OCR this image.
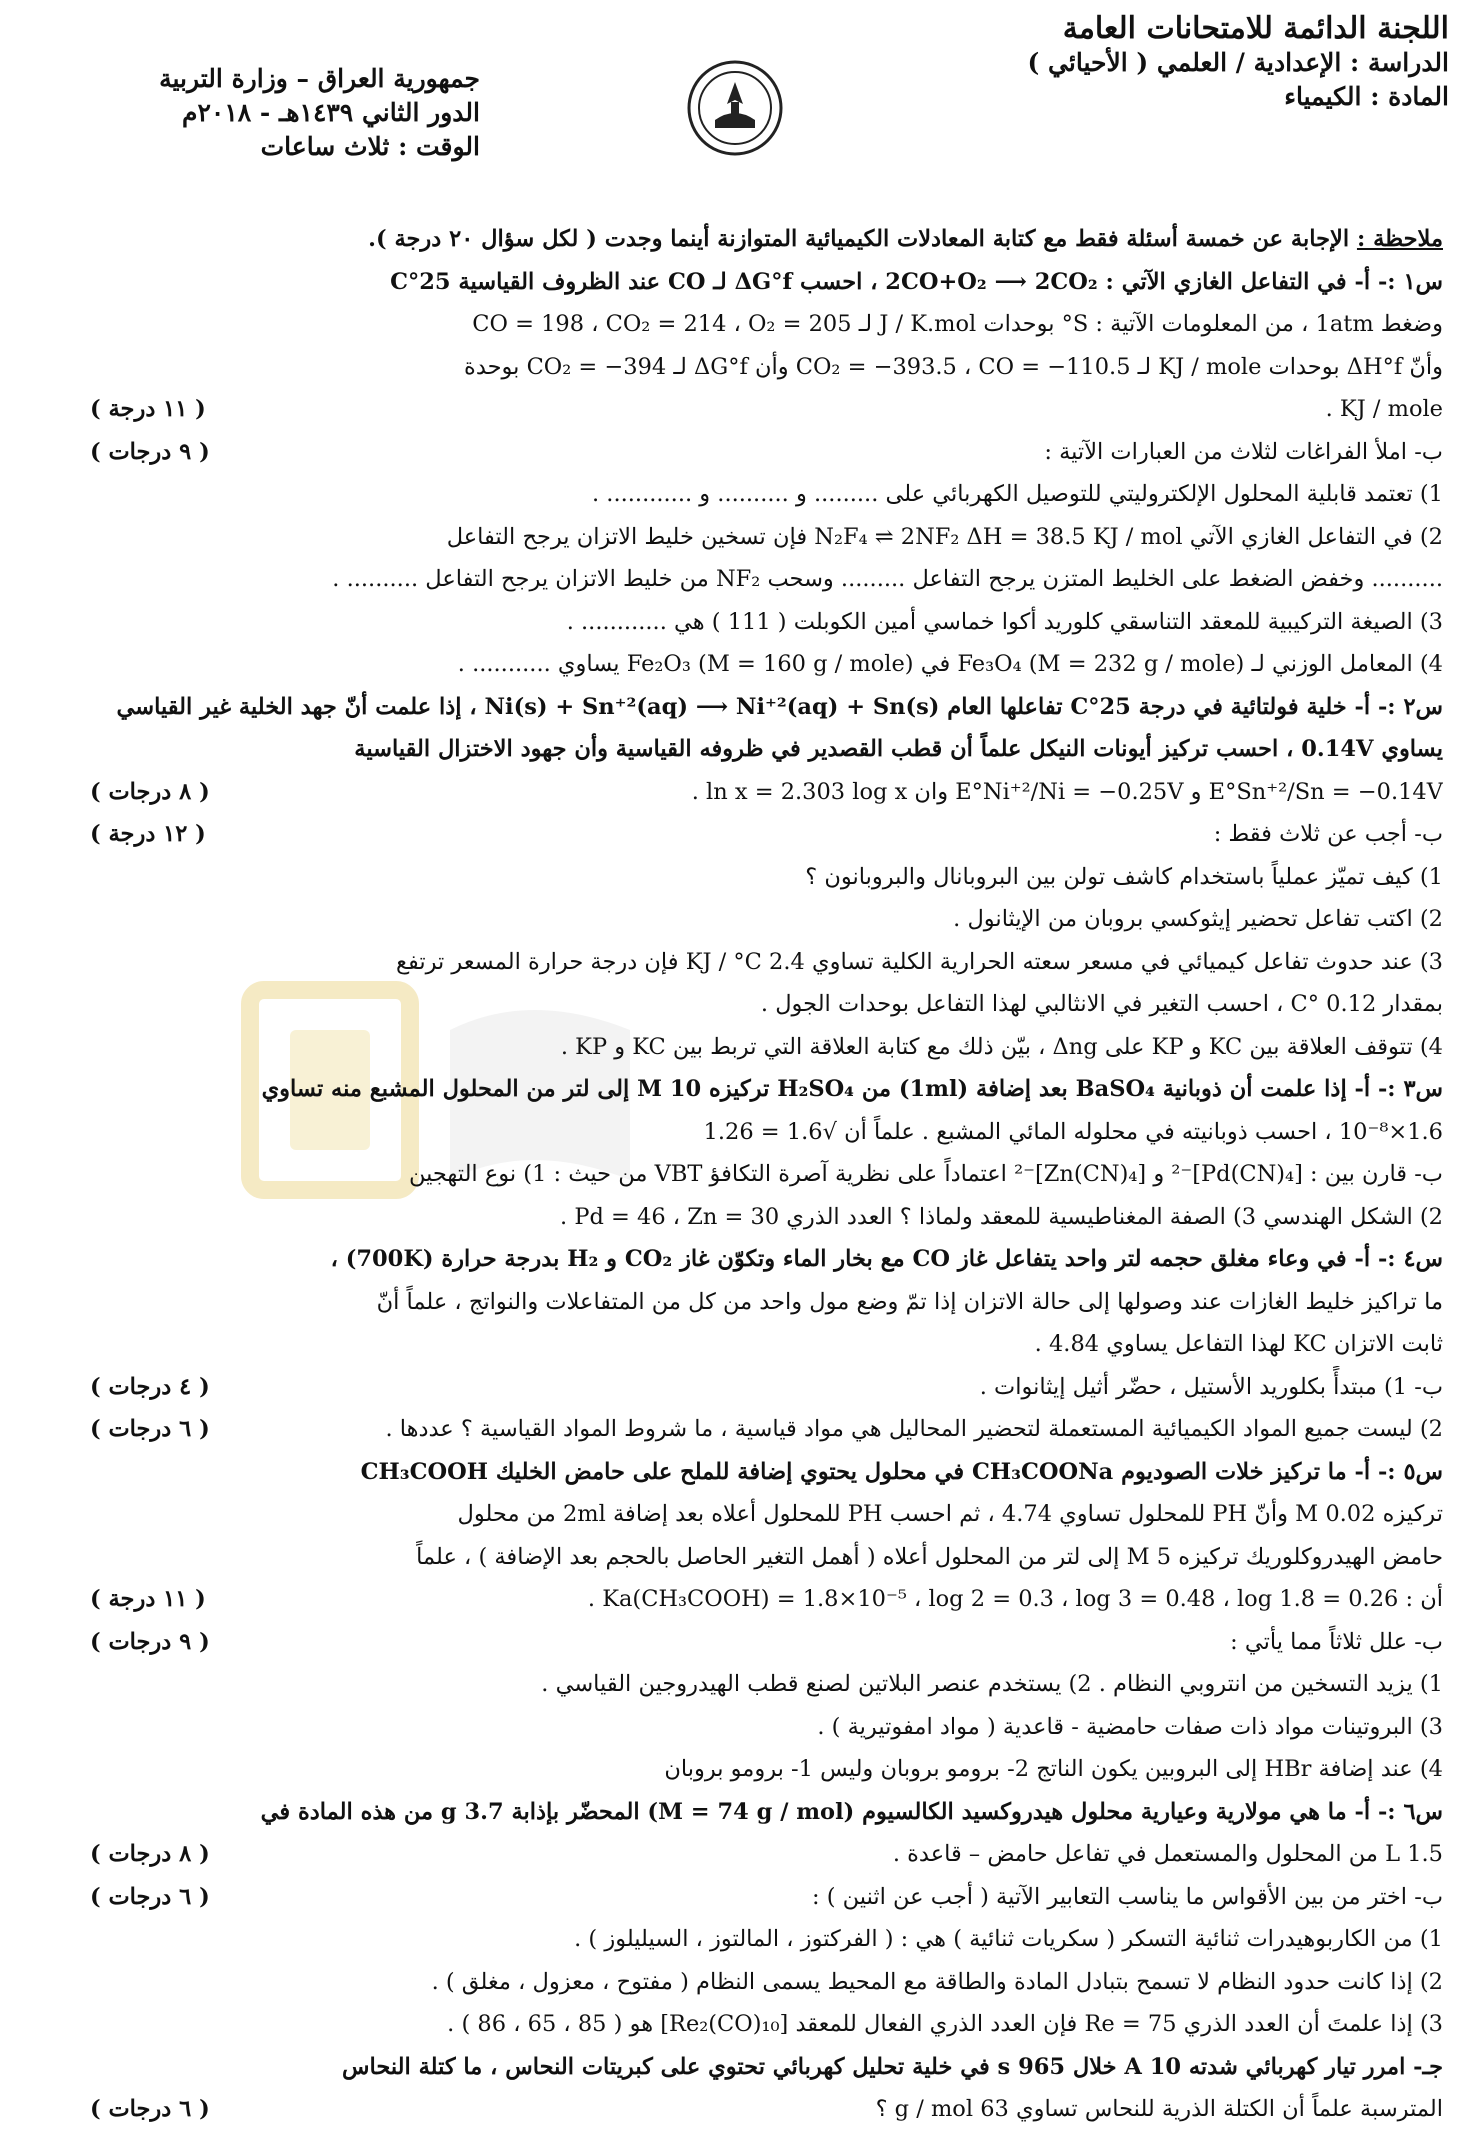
اللجنة الدائمة للامتحانات العامة
الدراسة : الإعدادية / العلمي ( الأحيائي )
المادة : الكيمياء
جمهورية العراق – وزارة التربية
الدور الثاني ١٤٣٩هـ - ٢٠١٨م
الوقت : ثلاث ساعات
ملاحظة : الإجابة عن خمسة أسئلة فقط مع كتابة المعادلات الكيميائية المتوازنة أينما وجدت ( لكل سؤال ٢٠ درجة ).
س١ :- أ- في التفاعل الغازي الآتي : 2CO+O₂ ⟶ 2CO₂ ، احسب ΔG°f لـ CO عند الظروف القياسية 25°C
وضغط 1atm ، من المعلومات الآتية : S° بوحدات J / K.mol لـ CO = 198 ، CO₂ = 214 ، O₂ = 205
وأنّ ΔH°f بوحدات KJ / mole لـ CO₂ = −393.5 ، CO = −110.5 وأن ΔG°f لـ CO₂ = −394 بوحدة
KJ / mole .
( ١١ درجة )
ب- املأ الفراغات لثلاث من العبارات الآتية :
( ٩ درجات )
1) تعتمد قابلية المحلول الإلكتروليتي للتوصيل الكهربائي على ......... و .......... و ............ .
2) في التفاعل الغازي الآتي N₂F₄ ⇌ 2NF₂ ΔH = 38.5 KJ / mol فإن تسخين خليط الاتزان يرجح التفاعل
.......... وخفض الضغط على الخليط المتزن يرجح التفاعل ......... وسحب NF₂ من خليط الاتزان يرجح التفاعل .......... .
3) الصيغة التركيبية للمعقد التناسقي كلوريد أكوا خماسي أمين الكوبلت ( 111 ) هي ............ .
4) المعامل الوزني لـ Fe₃O₄ (M = 232 g / mole) في Fe₂O₃ (M = 160 g / mole) يساوي ........... .
س٢ :- أ- خلية فولتائية في درجة 25°C تفاعلها العام Ni(s) + Sn⁺²(aq) ⟶ Ni⁺²(aq) + Sn(s) ، إذا علمت أنّ جهد الخلية غير القياسي
يساوي 0.14V ، احسب تركيز أيونات النيكل علماً أن قطب القصدير في ظروفه القياسية وأن جهود الاختزال القياسية
E°Sn⁺²/Sn = −0.14V و E°Ni⁺²/Ni = −0.25V وان ln x = 2.303 log x .
( ٨ درجات )
ب- أجب عن ثلاث فقط :
( ١٢ درجة )
1) كيف تميّز عملياً باستخدام كاشف تولن بين البروبانال والبروبانون ؟
2) اكتب تفاعل تحضير إيثوكسي بروبان من الإيثانول .
3) عند حدوث تفاعل كيميائي في مسعر سعته الحرارية الكلية تساوي 2.4 KJ / °C فإن درجة حرارة المسعر ترتفع
بمقدار 0.12 °C ، احسب التغير في الانثالبي لهذا التفاعل بوحدات الجول .
4) تتوقف العلاقة بين KC و KP على Δng ، بيّن ذلك مع كتابة العلاقة التي تربط بين KC و KP .
س٣ :- أ- إذا علمت أن ذوبانية BaSO₄ بعد إضافة (1ml) من H₂SO₄ تركيزه 10 M إلى لتر من المحلول المشبع منه تساوي
1.6×10⁻⁸ ، احسب ذوبانيته في محلوله المائي المشبع . علماً أن √1.6 = 1.26
ب- قارن بين : [Pd(CN)₄]⁻² و [Zn(CN)₄]⁻² اعتماداً على نظرية آصرة التكافؤ VBT من حيث : 1) نوع التهجين
2) الشكل الهندسي 3) الصفة المغناطيسية للمعقد ولماذا ؟ العدد الذري Pd = 46 ، Zn = 30 .
س٤ :- أ- في وعاء مغلق حجمه لتر واحد يتفاعل غاز CO مع بخار الماء وتكوّن غاز CO₂ و H₂ بدرجة حرارة (700K) ،
ما تراكيز خليط الغازات عند وصولها إلى حالة الاتزان إذا تمّ وضع مول واحد من كل من المتفاعلات والنواتج ، علماً أنّ
ثابت الاتزان KC لهذا التفاعل يساوي 4.84 .
ب- 1) مبتدأً بكلوريد الأستيل ، حضّر أثيل إيثانوات .
( ٤ درجات )
2) ليست جميع المواد الكيميائية المستعملة لتحضير المحاليل هي مواد قياسية ، ما شروط المواد القياسية ؟ عددها .
( ٦ درجات )
س٥ :- أ- ما تركيز خلات الصوديوم CH₃COONa في محلول يحتوي إضافة للملح على حامض الخليك CH₃COOH
تركيزه 0.02 M وأنّ PH للمحلول تساوي 4.74 ، ثم احسب PH للمحلول أعلاه بعد إضافة 2ml من محلول
حامض الهيدروكلوريك تركيزه 5 M إلى لتر من المحلول أعلاه ( أهمل التغير الحاصل بالحجم بعد الإضافة ) ، علماً
أن : Ka(CH₃COOH) = 1.8×10⁻⁵ ، log 2 = 0.3 ، log 3 = 0.48 ، log 1.8 = 0.26 .
( ١١ درجة )
ب- علل ثلاثاً مما يأتي :
( ٩ درجات )
1) يزيد التسخين من انتروبي النظام . 2) يستخدم عنصر البلاتين لصنع قطب الهيدروجين القياسي .
3) البروتينات مواد ذات صفات حامضية - قاعدية ( مواد امفوتيرية ) .
4) عند إضافة HBr إلى البروبين يكون الناتج 2- برومو بروبان وليس 1- برومو بروبان
س٦ :- أ- ما هي مولارية وعيارية محلول هيدروكسيد الكالسيوم (M = 74 g / mol) المحضّر بإذابة 3.7 g من هذه المادة في
1.5 L من المحلول والمستعمل في تفاعل حامض – قاعدة .
( ٨ درجات )
ب- اختر من بين الأقواس ما يناسب التعابير الآتية ( أجب عن اثنين ) :
( ٦ درجات )
1) من الكاربوهيدرات ثنائية التسكر ( سكريات ثنائية ) هي : ( الفركتوز ، المالتوز ، السيليلوز ) .
2) إذا كانت حدود النظام لا تسمح بتبادل المادة والطاقة مع المحيط يسمى النظام ( مفتوح ، معزول ، مغلق ) .
3) إذا علمتَ أن العدد الذري Re = 75 فإن العدد الذري الفعال للمعقد [Re₂(CO)₁₀] هو ( 85 ، 65 ، 86 ) .
جـ- امرر تيار كهربائي شدته 10 A خلال 965 s في خلية تحليل كهربائي تحتوي على كبريتات النحاس ، ما كتلة النحاس
المترسبة علماً أن الكتلة الذرية للنحاس تساوي 63 g / mol ؟
( ٦ درجات )
